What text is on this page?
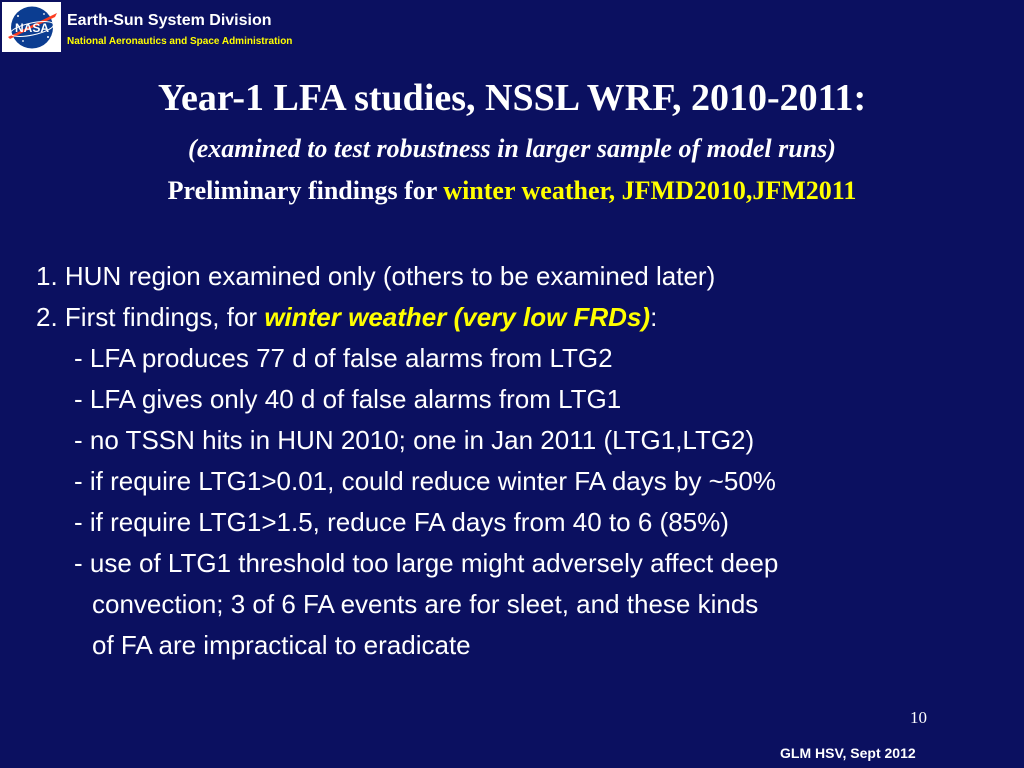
NASA Earth-Sun System Division
National Aeronautics and Space Administration
Year-1 LFA studies, NSSL WRF, 2010-2011:
(examined to test robustness in larger sample of model runs)
Preliminary findings for winter weather, JFMD2010,JFM2011
1. HUN region examined only (others to be examined later)
2. First findings, for winter weather (very low FRDs):
- LFA produces 77 d of false alarms from LTG2
- LFA gives only 40 d of false alarms from LTG1
- no TSSN hits in HUN 2010; one in Jan 2011 (LTG1,LTG2)
- if require LTG1>0.01, could reduce winter FA days by ~50%
- if require LTG1>1.5, reduce FA days from 40 to 6 (85%)
- use of LTG1 threshold too large might adversely affect deep
convection; 3 of 6 FA events are for sleet, and these kinds
of FA are impractical to eradicate
10
GLM HSV, Sept 2012
